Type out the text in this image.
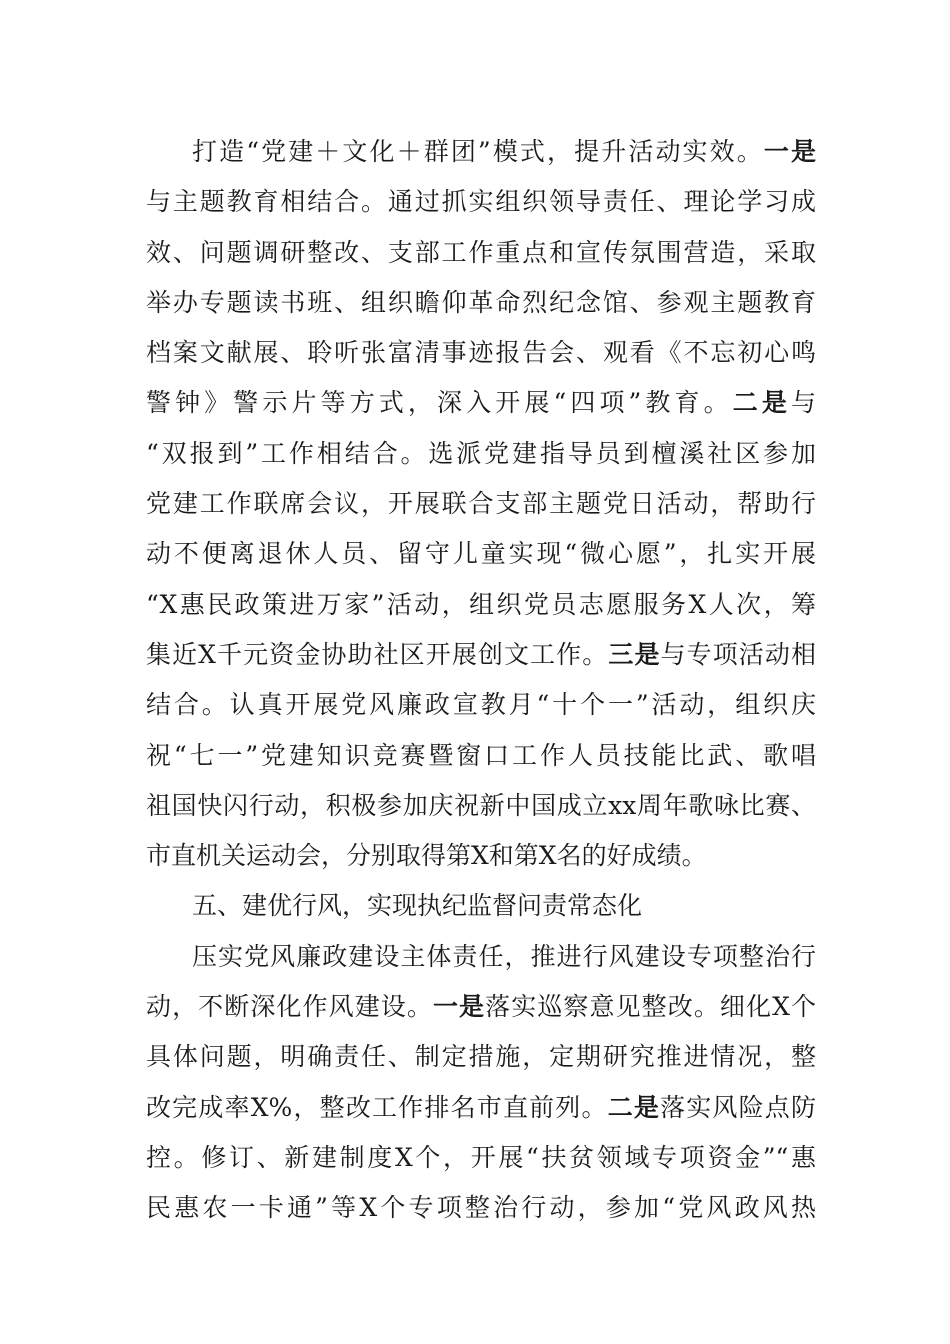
打造“党建＋文化＋群团”模式，提升活动实效。一是
与主题教育相结合。通过抓实组织领导责任、理论学习成
效、问题调研整改、支部工作重点和宣传氛围营造，采取
举办专题读书班、组织瞻仰革命烈纪念馆、参观主题教育
档案文献展、聆听张富清事迹报告会、观看《不忘初心鸣
警钟》警示片等方式，深入开展“四项”教育。二是与
“双报到”工作相结合。选派党建指导员到檀溪社区参加
党建工作联席会议，开展联合支部主题党日活动，帮助行
动不便离退休人员、留守儿童实现“微心愿”，扎实开展
“X惠民政策进万家”活动，组织党员志愿服务X人次，筹
集近X千元资金协助社区开展创文工作。三是与专项活动相
结合。认真开展党风廉政宣教月“十个一”活动，组织庆
祝“七一”党建知识竞赛暨窗口工作人员技能比武、歌唱
祖国快闪行动，积极参加庆祝新中国成立xx周年歌咏比赛、
市直机关运动会，分别取得第X和第X名的好成绩。
五、建优行风，实现执纪监督问责常态化
压实党风廉政建设主体责任，推进行风建设专项整治行
动，不断深化作风建设。一是落实巡察意见整改。细化X个
具体问题，明确责任、制定措施，定期研究推进情况，整
改完成率X%，整改工作排名市直前列。二是落实风险点防
控。修订、新建制度X个，开展“扶贫领域专项资金”“惠
民惠农一卡通”等X个专项整治行动，参加“党风政风热
